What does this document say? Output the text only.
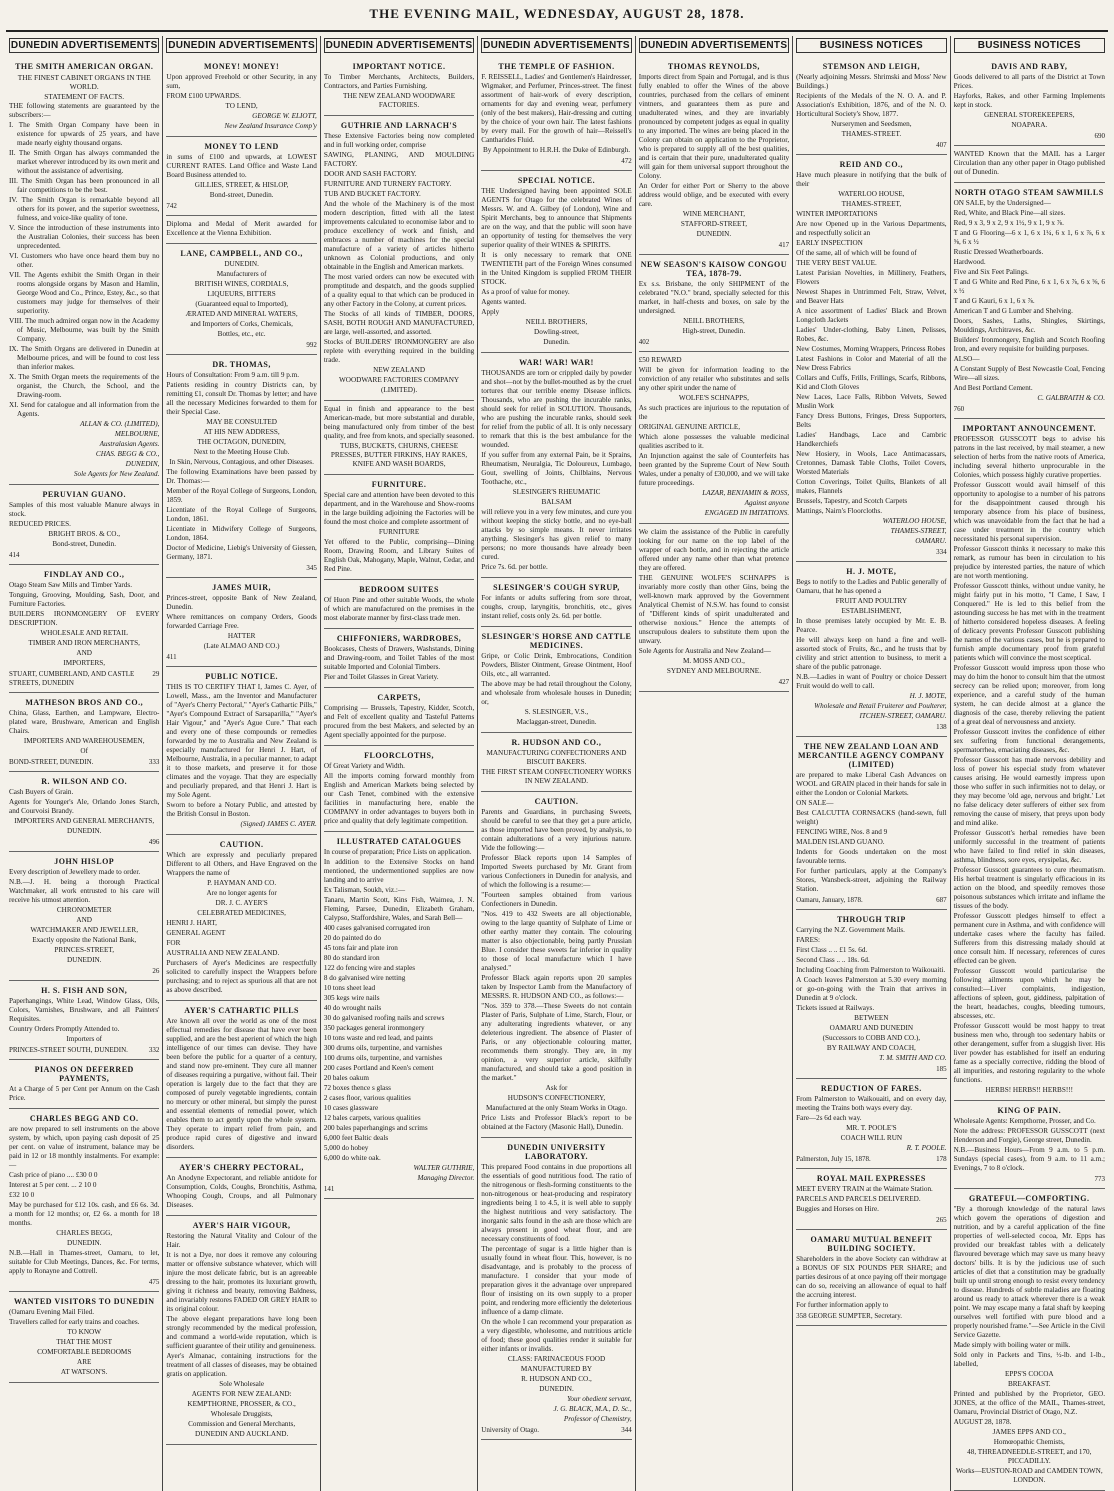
THE EVENING MAIL, WEDNESDAY, AUGUST 28, 1878.
DUNEDIN ADVERTISEMENTS
THE SMITH AMERICAN ORGAN.
THE FINEST CABINET ORGANS IN THE WORLD.
STATEMENT OF FACTS.
THE following statements are guaranteed by the subscribers:—
I. The Smith Organ Company have been in existence for upwards of 25 years, and have made nearly eighty thousand organs.
II. The Smith Organ has always commanded the market wherever introduced by its own merit and without the assistance of advertising.
III. The Smith Organ has been pronounced in all fair competitions to be the best.
IV. The Smith Organ is remarkable beyond all others for its power, and the superior sweetness, fulness, and voice-like quality of tone.
V. Since the introduction of these instruments into the Australian Colonies, their success has been unprecedented.
VI. Customers who have once heard them buy no other.
VII. The Agents exhibit the Smith Organ in their rooms alongside organs by Mason and Hamlin, George Wood and Co., Prince, Estey, &c., so that customers may judge for themselves of their superiority.
VIII. The much admired organ now in the Academy of Music, Melbourne, was built by the Smith Company.
IX. The Smith Organs are delivered in Dunedin at Melbourne prices, and will be found to cost less than inferior makes.
X. The Smith Organ meets the requirements of the organist, the Church, the School, and the Drawing-room.
XI. Send for catalogue and all information from the Agents.
ALLAN & CO. (LIMITED),
MELBOURNE,
Australasian Agents.
CHAS. BEGG & CO.,
DUNEDIN,
Sole Agents for New Zealand.
PERUVIAN GUANO.
Samples of this most valuable Manure always in stock.
REDUCED PRICES.
BRIGHT BROS. & CO.,
Bond-street, Dunedin.
414
FINDLAY AND CO.,
Otago Steam Saw Mills and Timber Yards.
Tonguing, Grooving, Moulding, Sash, Door, and Furniture Factories.
BUILDERS IRONMONGERY OF EVERY DESCRIPTION.
WHOLESALE AND RETAIL
TIMBER AND IRON MERCHANTS,
AND
IMPORTERS,
STUART, CUMBERLAND, AND CASTLE STREETS, DUNEDIN
29
MATHESON BROS AND CO.,
China, Glass, Earthen, and Lampware, Electro-plated ware, Brushware, American and English Chairs.
IMPORTERS AND WAREHOUSEMEN,
Of
BOND-STREET, DUNEDIN.	333
R. WILSON AND CO.
Cash Buyers of Grain.
Agents for Younger's Ale, Orlando Jones Starch, and Courvoisi Brandy.
IMPORTERS AND GENERAL MERCHANTS,
DUNEDIN.
496
JOHN HISLOP
Every description of Jewellery made to order.
N.B.—J. H. being a thorough Practical Watchmaker, all work entrusted to his care will receive his utmost attention.
CHRONOMETER
AND
WATCHMAKER AND JEWELLER,
Exactly opposite the National Bank,
PRINCES-STREET,
DUNEDIN.
26
H. S. FISH AND SON,
Paperhangings, White Lead, Window Glass, Oils, Colors, Varnishes, Brushware, and all Painters' Requisites.
Country Orders Promptly Attended to.
Importers of
PRINCES-STREET SOUTH, DUNEDIN.	332
PIANOS ON DEFERRED PAYMENTS,
At a Charge of 5 per Cent per Annum on the Cash Price.
CHARLES BEGG AND CO.
are now prepared to sell instruments on the above system, by which, upon paying cash deposit of 25 per cent. on value of instrument, balance may be paid in 12 or 18 monthly instalments. For example:—
Cash price of piano .... £30 0 0
Interest at 5 per cent. ... 2 10 0
£32 10 0
May be purchased for £12 10s. cash, and £6 6s. 3d. a month for 12 months; or, £2 6s. a month for 18 months.
CHARLES BEGG,
DUNEDIN.
N.B.—Hall in Thames-street, Oamaru, to let, suitable for Club Meetings, Dances, &c. For terms, apply to Ronayne and Cottrell.
475
WANTED VISITORS TO DUNEDIN
(Oamaru Evening Mail Filed.
Travellers called for early trains and coaches.
TO KNOW
THAT THE MOST
COMFORTABLE BEDROOMS
ARE
AT WATSON'S.
DUNEDIN ADVERTISEMENTS
MONEY! MONEY!
Upon approved Freehold or other Security, in any sum,
FROM £100 UPWARDS.
TO LEND,
GEORGE W. ELIOTT,
New Zealand Insurance Comp'y
MONEY TO LEND
in sums of £100 and upwards, at LOWEST CURRENT RATES. Land Office and Waste Land Board Business attended to.
GILLIES, STREET, & HISLOP,
Bond-street, Dunedin.
742
Diploma and Medal of Merit awarded for Excellence at the Vienna Exhibition.
LANE, CAMPBELL, AND CO.,
DUNEDIN.
Manufacturers of
BRITISH WINES, CORDIALS,
LIQUEURS, BITTERS
(Guaranteed equal to Imported),
ÆRATED AND MINERAL WATERS,
and Importers of Corks, Chemicals,
Bottles, etc., etc.
992
DR. THOMAS,
Hours of Consultation: From 9 a.m. till 9 p.m.
Patients residing in country Districts can, by remitting £1, consult Dr. Thomas by letter; and have all the necessary Medicines forwarded to them for their Special Case.
MAY BE CONSULTED
AT HIS NEW ADDRESS,
THE OCTAGON, DUNEDIN,
Next to the Meeting House Club.
In Skin, Nervous, Contagious, and other Diseases.
The following Examinations have been passed by Dr. Thomas:—
Member of the Royal College of Surgeons, London, 1859.
Licentiate of the Royal College of Surgeons, London, 1861.
Licentiate in Midwifery College of Surgeons, London, 1864.
Doctor of Medicine, Liebig's University of Giessen, Germany, 1871.
345
JAMES MUIR,
Princes-street, opposite Bank of New Zealand, Dunedin.
Where remittances on company Orders, Goods forwarded Carriage Free.
HATTER
(Late ALMAO AND CO.)
411
PUBLIC NOTICE.
THIS IS TO CERTIFY THAT I, James C. Ayer, of Lowell, Mass., am the Inventor and Manufacturer of "Ayer's Cherry Pectoral," "Ayer's Cathartic Pills," "Ayer's Compound Extract of Sarsaparilla," "Ayer's Hair Vigour," and "Ayer's Ague Cure." That each and every one of these compounds or remedies forwarded by me to Australia and New Zealand is especially manufactured for Henri J. Hart, of Melbourne, Australia, in a peculiar manner, to adapt it to those markets, and preserve it for those climates and the voyage. That they are especially and peculiarly prepared, and that Henri J. Hart is my Sole Agent.
Sworn to before a Notary Public, and attested by the British Consul in Boston.
(Signed) JAMES C. AYER.
CAUTION.
Which are expressly and peculiarly prepared Different to all Others, and Have Engraved on the Wrappers the name of
P. HAYMAN AND CO.
Are no longer agents for
DR. J. C. AYER'S
CELEBRATED MEDICINES,
HENRI J. HART,
GENERAL AGENT
FOR
AUSTRALIA AND NEW ZEALAND.
Purchasers of Ayer's Medicines are respectfully solicited to carefully inspect the Wrappers before purchasing; and to reject as spurious all that are not as above described.
AYER'S CATHARTIC PILLS
Are known all over the world as one of the most effectual remedies for disease that have ever been supplied, and are the best aperient of which the high intelligence of our times can devise. They have been before the public for a quarter of a century, and stand now pre-eminent. They cure all manner of diseases requiring a purgative, without fail. Their operation is largely due to the fact that they are composed of purely vegetable ingredients, contain no mercury or other mineral, but simply the purest and essential elements of remedial power, which enables them to act gently upon the whole system. They operate to impart relief from pain, and produce rapid cures of digestive and inward disorders.
AYER'S CHERRY PECTORAL,
An Anodyne Expectorant, and reliable antidote for Consumption, Colds, Coughs, Bronchitis, Asthma, Whooping Cough, Croups, and all Pulmonary Diseases.
AYER'S HAIR VIGOUR,
Restoring the Natural Vitality and Colour of the Hair.
It is not a Dye, nor does it remove any colouring matter or offensive substance whatever, which will injure the most delicate fabric, but is an agreeable dressing to the hair, promotes its luxuriant growth, giving it richness and beauty, removing Baldness, and invariably restores FADED OR GREY HAIR to its original colour.
The above elegant preparations have long been strongly recommended by the medical profession, and command a world-wide reputation, which is sufficient guarantee of their utility and genuineness.
Ayer's Almanac, containing instructions for the treatment of all classes of diseases, may be obtained gratis on application.
Sole Wholesale
AGENTS FOR NEW ZEALAND:
KEMPTHORNE, PROSSER, & CO.,
Wholesale Druggists,
Commission and General Merchants,
DUNEDIN AND AUCKLAND.
DUNEDIN ADVERTISEMENTS
IMPORTANT NOTICE.
To Timber Merchants, Architects, Builders, Contractors, and Parties Furnishing.
THE NEW ZEALAND WOODWARE FACTORIES.
GUTHRIE AND LARNACH'S
These Extensive Factories being now completed and in full working order, comprise
SAWING, PLANING, AND MOULDING FACTORY.
DOOR AND SASH FACTORY.
FURNITURE AND TURNERY FACTORY.
TUB AND BUCKET FACTORY.
And the whole of the Machinery is of the most modern description, fitted with all the latest improvements calculated to economise labor and to produce excellency of work and finish, and embraces a number of machines for the special manufacture of a variety of articles hitherto unknown as Colonial productions, and only obtainable in the English and American markets.
The most varied orders can now be executed with promptitude and despatch, and the goods supplied of a quality equal to that which can be produced in any other Factory in the Colony, at current prices.
The Stocks of all kinds of TIMBER, DOORS, SASH, BOTH ROUGH AND MANUFACTURED, are large, well-assorted, and assorted.
Stocks of BUILDERS' IRONMONGERY are also replete with everything required in the building trade.
NEW ZEALAND
WOODWARE FACTORIES COMPANY
(LIMITED).
Equal in finish and appearance to the best American-made, but more substantial and durable, being manufactured only from timber of the best quality, and free from knots, and specially seasoned.
TUBS, BUCKETS, CHURNS, CHEESE PRESSES, BUTTER FIRKINS, HAY RAKES, KNIFE AND WASH BOARDS,
FURNITURE.
Special care and attention have been devoted to this department, and in the Warehouse and Show-rooms in the large building adjoining the Factories will be found the most choice and complete assortment of
FURNITURE
Yet offered to the Public, comprising—Dining Room, Drawing Room, and Library Suites of English Oak, Mahogany, Maple, Walnut, Cedar, and Red Pine.
BEDROOM SUITES
Of Huon Pine and other suitable Woods, the whole of which are manufactured on the premises in the most elaborate manner by first-class trade men.
CHIFFONIERS, WARDROBES,
Bookcases, Chests of Drawers, Washstands, Dining and Drawing-room, and Toilet Tables of the most suitable Imported and Colonial Timbers.
Pier and Toilet Glasses in Great Variety.
CARPETS,
Comprising — Brussels, Tapestry, Kidder, Scotch, and Felt of excellent quality and Tasteful Patterns procured from the best Makers, and selected by an Agent specially appointed for the purpose.
FLOORCLOTHS,
Of Great Variety and Width.
All the imports coming forward monthly from English and American Markets being selected by our Cash Tenet, combined with the extensive facilities in manufacturing here, enable the COMPANY in order advantages to buyers both in price and quality that defy legitimate competition.
ILLUSTRATED CATALOGUES
In course of preparation; Price Lists on application.
In addition to the Extensive Stocks on hand mentioned, the undermentioned supplies are now landing and to arrive
Ex Talisman, Soukh, viz.:—
Tanaru, Martin Scott, Kins Fish, Waimea, J. N. Fleming, Parsee, Dunedin, Elizabeth Graham, Calypso, Staffordshire, Wales, and Sarah Bell—
400 cases galvanised corrugated iron
20 do painted do do
45 tons fair and plate iron
80 do standard iron
122 do fencing wire and staples
8 do galvanised wire netting
10 tons sheet lead
305 kegs wire nails
40 do wrought nails
30 do galvanised roofing nails and screws
350 packages general ironmongery
10 tons waste and red lead, and paints
300 drums oils, turpentine, and varnishes
100 drums oils, turpentine, and varnishes
200 cases Portland and Keen's cement
20 bales oakum
72 boxes thence s glass
2 cases floor, various qualities
10 cases glassware
12 bales carpets, various qualities
200 bales paperhangings and scrims
6,000 feet Baltic deals
5,000 do hobey
6,000 do white oak.
WALTER GUTHRIE,
Managing Director.
141
DUNEDIN ADVERTISEMENTS
THE TEMPLE OF FASHION.
F. REISSELL, Ladies' and Gentlemen's Hairdresser, Wigmaker, and Perfumer, Princes-street. The finest assortment of hair-work of every description, ornaments for day and evening wear, perfumery (only of the best makers), Hair-dressing and cutting by the choice of your own hair. The latest fashions by every mail. For the growth of hair—Reissell's Cantharides Fluid.
By Appointment to H.R.H. the Duke of Edinburgh.
472
SPECIAL NOTICE.
THE Undersigned having been appointed SOLE AGENTS for Otago for the celebrated Wines of Messrs. W. and A. Gilbey (of London), Wine and Spirit Merchants, beg to announce that Shipments are on the way, and that the public will soon have an opportunity of testing for themselves the very superior quality of their WINES & SPIRITS.
It is only necessary to remark that ONE TWENTIETH part of the Foreign Wines consumed in the United Kingdom is supplied FROM THEIR STOCK.
As a proof of value for money.
Agents wanted.
Apply
NEILL BROTHERS,
Dowling-street,
Dunedin.
WAR! WAR! WAR!
THOUSANDS are torn or crippled daily by powder and shot—not by the bullet-mouthed as by the cruel tortures that our terrible enemy Disease inflicts. Thousands, who are pushing the incurable ranks, should seek for relief in SOLUTION. Thousands, who are pushing the incurable ranks, should seek for relief from the public of all. It is only necessary to remark that this is the best ambulance for the wounded.
If you suffer from any external Pain, be it Sprains, Rheumatism, Neuralgia, Tic Doloureux, Lumbago, Gout, swelling of Joints, Chilblains, Nervous Toothache, etc.,
SLESINGER'S RHEUMATIC
BALSAM
will relieve you in a very few minutes, and cure you without keeping the sticky bottle, and no eye-ball attacks by so simple means. It never irritates anything. Slesinger's has given relief to many persons; no more thousands have already been cured.
Price 7s. 6d. per bottle.
SLESINGER'S COUGH SYRUP,
For infants or adults suffering from sore throat, coughs, croup, laryngitis, bronchitis, etc., gives instant relief, costs only 2s. 6d. per bottle.
SLESINGER'S HORSE AND CATTLE MEDICINES.
Gripe, or Colic Drink, Embrocations, Condition Powders, Blister Ointment, Grease Ointment, Hoof Oils, etc., all warranted.
The above may be had retail throughout the Colony, and wholesale from wholesale houses in Dunedin; or,
S. SLESINGER, V.S.,
Maclaggan-street, Dunedin.
R. HUDSON AND CO.,
MANUFACTURING CONFECTIONERS AND BISCUIT BAKERS.
THE FIRST STEAM CONFECTIONERY WORKS IN NEW ZEALAND.
CAUTION.
Parents and Guardians, in purchasing Sweets, should be careful to see that they get a pure article, as those imported have been proved, by analysis, to contain adulterations of a very injurious nature. Vide the following:—
Professor Black reports upon 14 Samples of Imported Sweets purchased by Mr. Grant from various Confectioners in Dunedin for analysis, and of which the following is a resume:—
"Fourteen samples obtained from various Confectioners in Dunedin.
"Nos. 419 to 432 Sweets are all objectionable, owing to the large quantity of Sulphate of Lime or other earthy matter they contain. The colouring matter is also objectionable, being partly Prussian Blue. I consider these sweets far inferior in quality to those of local manufacture which I have analysed."
Professor Black again reports upon 20 samples taken by Inspector Lamb from the Manufactory of MESSRS. R. HUDSON AND CO., as follows:—
"Nos. 359 to 378.—These Sweets do not contain Plaster of Paris, Sulphate of Lime, Starch, Flour, or any adulterating ingredients whatever, or any deleterious ingredient. The absence of Plaster of Paris, or any objectionable colouring matter, recommends them strongly. They are, in my opinion, a very superior article, skilfully manufactured, and should take a good position in the market."
Ask for
HUDSON'S CONFECTIONERY,
Manufactured at the only Steam Works in Otago.
Price Lists and Professor Black's report to be obtained at the Factory (Masonic Hall), Dunedin.
DUNEDIN UNIVERSITY LABORATORY.
This prepared Food contains in due proportions all the essentials of good nutritious food. The ratio of the nitrogenous or flesh-forming constituents to the non-nitrogenous or heat-producing and respiratory ingredients being 1 to 4.5, it is well able to supply the highest nutritious and very satisfactory. The inorganic salts found in the ash are those which are always present in good wheat flour, and are necessary constituents of food.
The percentage of sugar is a little higher than is usually found in wheat flour. This, however, is no disadvantage, and is probably to the process of manufacture. I consider that your mode of preparation gives it the advantage over unprepared flour of insisting on its own supply to a proper point, and rendering more efficiently the deleterious influence of a damp climate.
On the whole I can recommend your preparation as a very digestible, wholesome, and nutritious article of food; these good qualities render it suitable for either infants or invalids.
CLASS: FARINACEOUS FOOD
MANUFACTURED BY
R. HUDSON AND CO.,
DUNEDIN.
Your obedient servant,
J. G. BLACK, M.A., D. Sc.,
Professor of Chemistry,
University of Otago.	344
DUNEDIN ADVERTISEMENTS
THOMAS REYNOLDS,
Imports direct from Spain and Portugal, and is thus fully enabled to offer the Wines of the above countries, purchased from the cellars of eminent vintners, and guarantees them as pure and unadulterated wines, and they are invariably pronounced by competent judges as equal in quality to any imported. The wines are being placed in the Colony can obtain on application to the Proprietor, who is prepared to supply all of the best qualities, and is certain that their pure, unadulterated quality will gain for them universal support throughout the Colony.
An Order for either Port or Sherry to the above address would oblige, and be executed with every care.
WINE MERCHANT,
STAFFORD-STREET,
DUNEDIN.
417
NEW SEASON'S KAISOW CONGOU TEA, 1878-79.
Ex s.s. Brisbane, the only SHIPMENT of the celebrated "N.O." brand, specially selected for this market, in half-chests and boxes, on sale by the undersigned.
NEILL BROTHERS,
High-street, Dunedin.
402
£50 REWARD
Will be given for information leading to the conviction of any retailer who substitutes and sells any other spirit under the name of
WOLFE'S SCHNAPPS,
As such practices are injurious to the reputation of the
ORIGINAL GENUINE ARTICLE,
Which alone possesses the valuable medicinal qualities ascribed to it.
An Injunction against the sale of Counterfeits has been granted by the Supreme Court of New South Wales, under a penalty of £30,000, and we will take future proceedings.
LAZAR, BENJAMIN & ROSS,
Against anyone
ENGAGED IN IMITATIONS.
We claim the assistance of the Public in carefully looking for our name on the top label of the wrapper of each bottle, and in rejecting the article offered under any name other than what pretence they are offered.
THE GENUINE WOLFE'S SCHNAPPS is invariably more costly than other Gins, being the well-known mark approved by the Government Analytical Chemist of N.S.W. has found to consist of "Different kinds of spirit unadulterated and otherwise noxious." Hence the attempts of unscrupulous dealers to substitute them upon the unwary.
Sole Agents for Australia and New Zealand—
M. MOSS AND CO.,
SYDNEY AND MELBOURNE.
427
BUSINESS NOTICES
STEMSON AND LEIGH,
(Nearly adjoining Messrs. Shrimski and Moss' New Buildings.)
Recipients of the Medals of the N. O. A. and P. Association's Exhibition, 1876, and of the N. O. Horticultural Society's Show, 1877.
Nurserymen and Seedsmen,
THAMES-STREET.
407
REID AND CO.,
Have much pleasure in notifying that the bulk of their
WATERLOO HOUSE,
THAMES-STREET,
WINTER IMPORTATIONS
Are now Opened up in the Various Departments, and respectfully solicit an
EARLY INSPECTION
Of the same, all of which will be found of
THE VERY BEST VALUE.
Latest Parisian Novelties, in Millinery, Feathers, Flowers
Newest Shapes in Untrimmed Felt, Straw, Velvet, and Beaver Hats
A nice assortment of Ladies' Black and Brown Longcloth Jackets
Ladies' Under-clothing, Baby Linen, Pelisses, Robes, &c.
New Costumes, Morning Wrappers, Princess Robes
Latest Fashions in Color and Material of all the New Dress Fabrics
Collars and Cuffs, Frills, Frillings, Scarfs, Ribbons, Kid and Cloth Gloves
New Laces, Lace Falls, Ribbon Velvets, Sewed Muslin Work
Fancy Dress Buttons, Fringes, Dress Supporters, Belts
Ladies' Handbags, Lace and Cambric Handkerchiefs
New Hosiery, in Wools, Lace Antimacassars, Cretonnes, Damask Table Cloths, Toilet Covers, Worsted Materials
Cotton Coverings, Toilet Quilts, Blankets of all makes, Flannels
Brussels, Tapestry, and Scotch Carpets
Mattings, Nairn's Floorcloths.
WATERLOO HOUSE,
THAMES-STREET,
OAMARU.
334
H. J. MOTE,
Begs to notify to the Ladies and Public generally of Oamaru, that he has opened a
FRUIT AND POULTRY
ESTABLISHMENT,
In those premises lately occupied by Mr. E. B. Pearce.
He will always keep on hand a fine and well-assorted stock of Fruits, &c., and he trusts that by civility and strict attention to business, to merit a share of the public patronage.
N.B.—Ladies in want of Poultry or choice Dessert Fruit would do well to call.
H. J. MOTE,
Wholesale and Retail Fruiterer and Poulterer,
ITCHEN-STREET, OAMARU.
138
THE NEW ZEALAND LOAN AND MERCANTILE AGENCY COMPANY (LIMITED)
are prepared to make Liberal Cash Advances on WOOL and GRAIN placed in their hands for sale in either the London or Colonial Markets.
ON SALE—
Best CALCUTTA CORNSACKS (hand-sewn, full weight)
FENCING WIRE, Nos. 8 and 9
MALDEN ISLAND GUANO.
Indents for Goods undertaken on the most favourable terms.
For further particulars, apply at the Company's Stores, Wansbeck-street, adjoining the Railway Station.
Oamaru, January, 1878.	687
THROUGH TRIP
Carrying the N.Z. Government Mails.
FARES:
First Class .. .. £1 5s. 6d.
Second Class .. .. 18s. 6d.
Including Coaching from Palmerston to Waikouaiti.
A Coach leaves Palmerston at 5.30 every morning or go-on-going with the Train that arrives in Dunedin at 9 o'clock.
Tickets issued at Railways.
BETWEEN
OAMARU AND DUNEDIN
(Successors to COBB AND CO.),
BY RAILWAY AND COACH,
T. M. SMITH AND CO.
185
REDUCTION OF FARES.
From Palmerston to Waikouaiti, and on every day, meeting the Trains both ways every day.
Fare—2s 6d each way.
MR. T. POOLE'S
COACH WILL RUN
R. T. POOLE.
Palmerston, July 15, 1878.	178
ROYAL MAIL EXPRESSES
MEET EVERY TRAIN at the Waimate Station.
PARCELS AND PARCELS DELIVERED.
Buggies and Horses on Hire.
265
OAMARU MUTUAL BENEFIT BUILDING SOCIETY.
Shareholders in the above Society can withdraw at a BONUS OF SIX POUNDS PER SHARE; and parties desirous of at once paying off their mortgage can do so, receiving an allowance of equal to half the accruing interest.
For further information apply to
358 GEORGE SUMPTER, Secretary.
BUSINESS NOTICES
DAVIS AND RABY,
Goods delivered to all parts of the District at Town Prices.
Hayforks, Rakes, and other Farming Implements kept in stock.
GENERAL STOREKEEPERS,
NOAPARA.
690
WANTED Known that the MAIL has a Larger Circulation than any other paper in Otago published out of Dunedin.
NORTH OTAGO STEAM SAWMILLS
ON SALE, by the Undersigned—
Red, White, and Black Pine—all sizes.
Red, 9 x 3, 9 x 2, 9 x 1½, 9 x 1, 9 x ⅞.
T and G Flooring—6 x 1, 6 x 1¼, 6 x 1, 6 x ⅞, 6 x ⅝, 6 x ½
Rustic Dressed Weatherboards.
Hardwood.
Five and Six Feet Palings.
T and G White and Red Pine, 6 x 1, 6 x ⅞, 6 x ⅝, 6 x ½
T and G Kauri, 6 x 1, 6 x ⅞.
American T and G Lumber and Shelving.
Doors, Sashes, Laths, Shingles, Skirtings, Mouldings, Architraves, &c.
Builders' Ironmongery, English and Scotch Roofing Iron, and every requisite for building purposes.
ALSO—
A Constant Supply of Best Newcastle Coal, Fencing Wire—all sizes.
And Best Portland Cement.
C. GALBRAITH & CO.
760
IMPORTANT ANNOUNCEMENT.
PROFESSOR GUSSCOTT begs to advise his patrons in the last received, by mail steamer, a new selection of herbs from the native roots of America, including several hitherto unprocurable in the Colonies, which possess highly curative properties.
Professor Gusscott would avail himself of this opportunity to apologise to a number of his patrons for the disappointment caused through his temporary absence from his place of business, which was unavoidable from the fact that he had a case under treatment in the country which necessitated his personal supervision.
Professor Gusscott thinks it necessary to make this remark, as rumour has been in circulation to his prejudice by interested parties, the nature of which are not worth mentioning.
Professor Gusscott thinks, without undue vanity, he might fairly put in his motto, "I Came, I Saw, I Conquered." He is led to this belief from the astounding success he has met with in the treatment of hitherto considered hopeless diseases. A feeling of delicacy prevents Professor Gusscott publishing the names of the various cases, but he is prepared to furnish ample documentary proof from grateful patients which will convince the most sceptical.
Professor Gusscott would impress upon those who may do him the honor to consult him that the utmost secrecy can be relied upon; moreover, from long experience, and a careful study of the human system, he can decide almost at a glance the diagnosis of the case, thereby relieving the patient of a great deal of nervousness and anxiety.
Professor Gusscott invites the confidence of either sex suffering from functional derangements, spermatorrhea, emaciating diseases, &c.
Professor Gusscott has made nervous debility and loss of power his especial study from whatever causes arising. He would earnestly impress upon those who suffer in such infirmities not to delay, or they may become 'old age, nervous and bright.' Let no false delicacy deter sufferers of either sex from removing the cause of misery, that preys upon body and mind alike.
Professor Gusscott's herbal remedies have been uniformly successful in the treatment of patients who have failed to find relief in skin diseases, asthma, blindness, sore eyes, erysipelas, &c.
Professor Gusscott guarantees to cure rheumatism. His herbal treatment is singularly efficacious in its action on the blood, and speedily removes those poisonous substances which irritate and inflame the tissues of the body.
Professor Gusscott pledges himself to effect a permanent cure in Asthma, and with confidence will undertake cases where the faculty has failed. Sufferers from this distressing malady should at once consult him. If necessary, references of cures effected can be given.
Professor Gusscott would particularise the following ailments upon which he may be consulted:—Liver complaints, indigestion, affections of spleen, gout, giddiness, palpitation of the heart, headaches, coughs, bleeding tumours, abscesses, etc.
Professor Gusscott would be most happy to treat business men who, through too sedentary habits or other derangement, suffer from a sluggish liver. His liver powder has established for itself an enduring fame as a specially corrective, ridding the blood of all impurities, and restoring regularity to the whole functions.
HERBS! HERBS!! HERBS!!!
KING OF PAIN.
Wholesale Agents: Kempthorne, Prosser, and Co.
Note the address: PROFESSOR GUSSCOTT (next Henderson and Forgie), George street, Dunedin.
N.B.—Business Hours—From 9 a.m. to 5 p.m. Sundays (special cases), from 9 a.m. to 11 a.m.; Evenings, 7 to 8 o'clock.
773
GRATEFUL—COMFORTING.
"By a thorough knowledge of the natural laws which govern the operations of digestion and nutrition, and by a careful application of the fine properties of well-selected cocoa, Mr. Epps has provided our breakfast tables with a delicately flavoured beverage which may save us many heavy doctors' bills. It is by the judicious use of such articles of diet that a constitution may be gradually built up until strong enough to resist every tendency to disease. Hundreds of subtle maladies are floating around us ready to attack wherever there is a weak point. We may escape many a fatal shaft by keeping ourselves well fortified with pure blood and a properly nourished frame."—See Article in the Civil Service Gazette.
Made simply with boiling water or milk.
Sold only in Packets and Tins, ½-lb. and 1-lb., labelled,
EPPS'S COCOA
BREAKFAST.
Printed and published by the Proprietor, GEO. JONES, at the office of the MAIL, Thames-street, Oamaru, Provincial District of Otago, N.Z.
AUGUST 28, 1878.
JAMES EPPS AND CO.,
Homœopathic Chemists,
48, THREADNEEDLE-STREET, and 170, PICCADILLY.
Works—EUSTON-ROAD and CAMDEN TOWN, LONDON.
